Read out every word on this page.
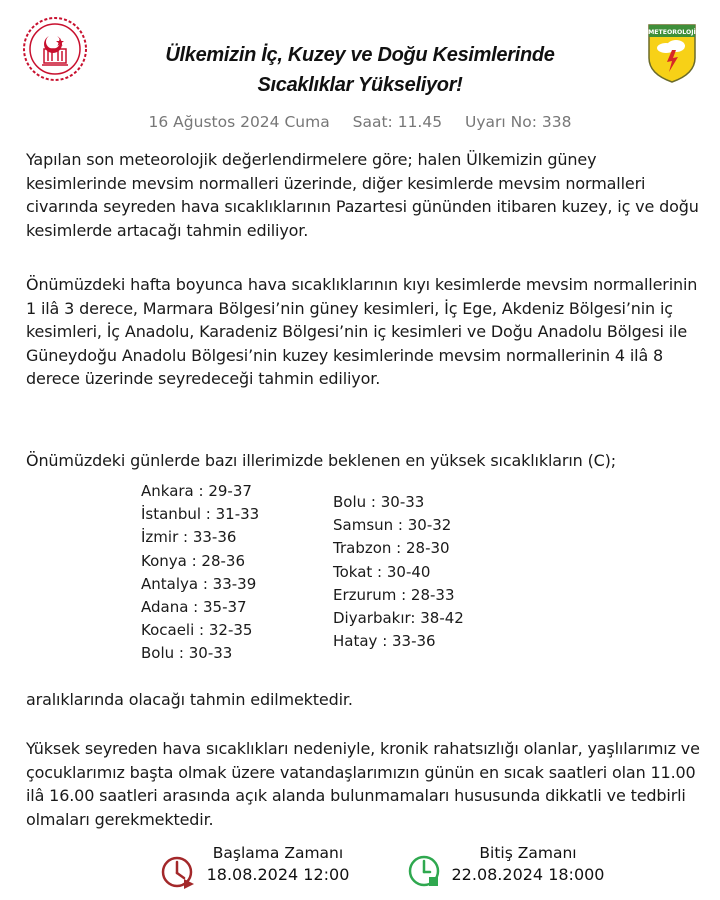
Ülkemizin İç, Kuzey ve Doğu Kesimlerinde
Sıcaklıklar Yükseliyor!
METEOROLOJİ
16 Ağustos 2024 Cuma Saat: 11.45 Uyarı No: 338
Yapılan son meteorolojik değerlendirmelere göre; halen Ülkemizin güney kesimlerinde mevsim normalleri üzerinde, diğer kesimlerde mevsim normalleri civarında seyreden hava sıcaklıklarının Pazartesi gününden itibaren kuzey, iç ve doğu kesimlerde artacağı tahmin ediliyor.
Önümüzdeki hafta boyunca hava sıcaklıklarının kıyı kesimlerde mevsim normallerinin 1 ilâ 3 derece, Marmara Bölgesi’nin güney kesimleri, İç Ege, Akdeniz Bölgesi’nin iç kesimleri, İç Anadolu, Karadeniz Bölgesi’nin iç kesimleri ve Doğu Anadolu Bölgesi ile Güneydoğu Anadolu Bölgesi’nin kuzey kesimlerinde mevsim normallerinin 4 ilâ 8 derece üzerinde seyredeceği tahmin ediliyor.
Önümüzdeki günlerde bazı illerimizde beklenen en yüksek sıcaklıkların (C);
Ankara : 29-37
İstanbul : 31-33
İzmir : 33-36
Konya : 28-36
Antalya : 33-39
Adana : 35-37
Kocaeli : 32-35
Bolu : 30-33
Bolu : 30-33
Samsun : 30-32
Trabzon : 28-30
Tokat : 30-40
Erzurum : 28-33
Diyarbakır: 38-42
Hatay : 33-36
aralıklarında olacağı tahmin edilmektedir.
Yüksek seyreden hava sıcaklıkları nedeniyle, kronik rahatsızlığı olanlar, yaşlılarımız ve çocuklarımız başta olmak üzere vatandaşlarımızın günün en sıcak saatleri olan 11.00 ilâ 16.00 saatleri arasında açık alanda bulunmamaları hususunda dikkatli ve tedbirli olmaları gerekmektedir.
Başlama Zamanı
18.08.2024 12:00
Bitiş Zamanı
22.08.2024 18:000
